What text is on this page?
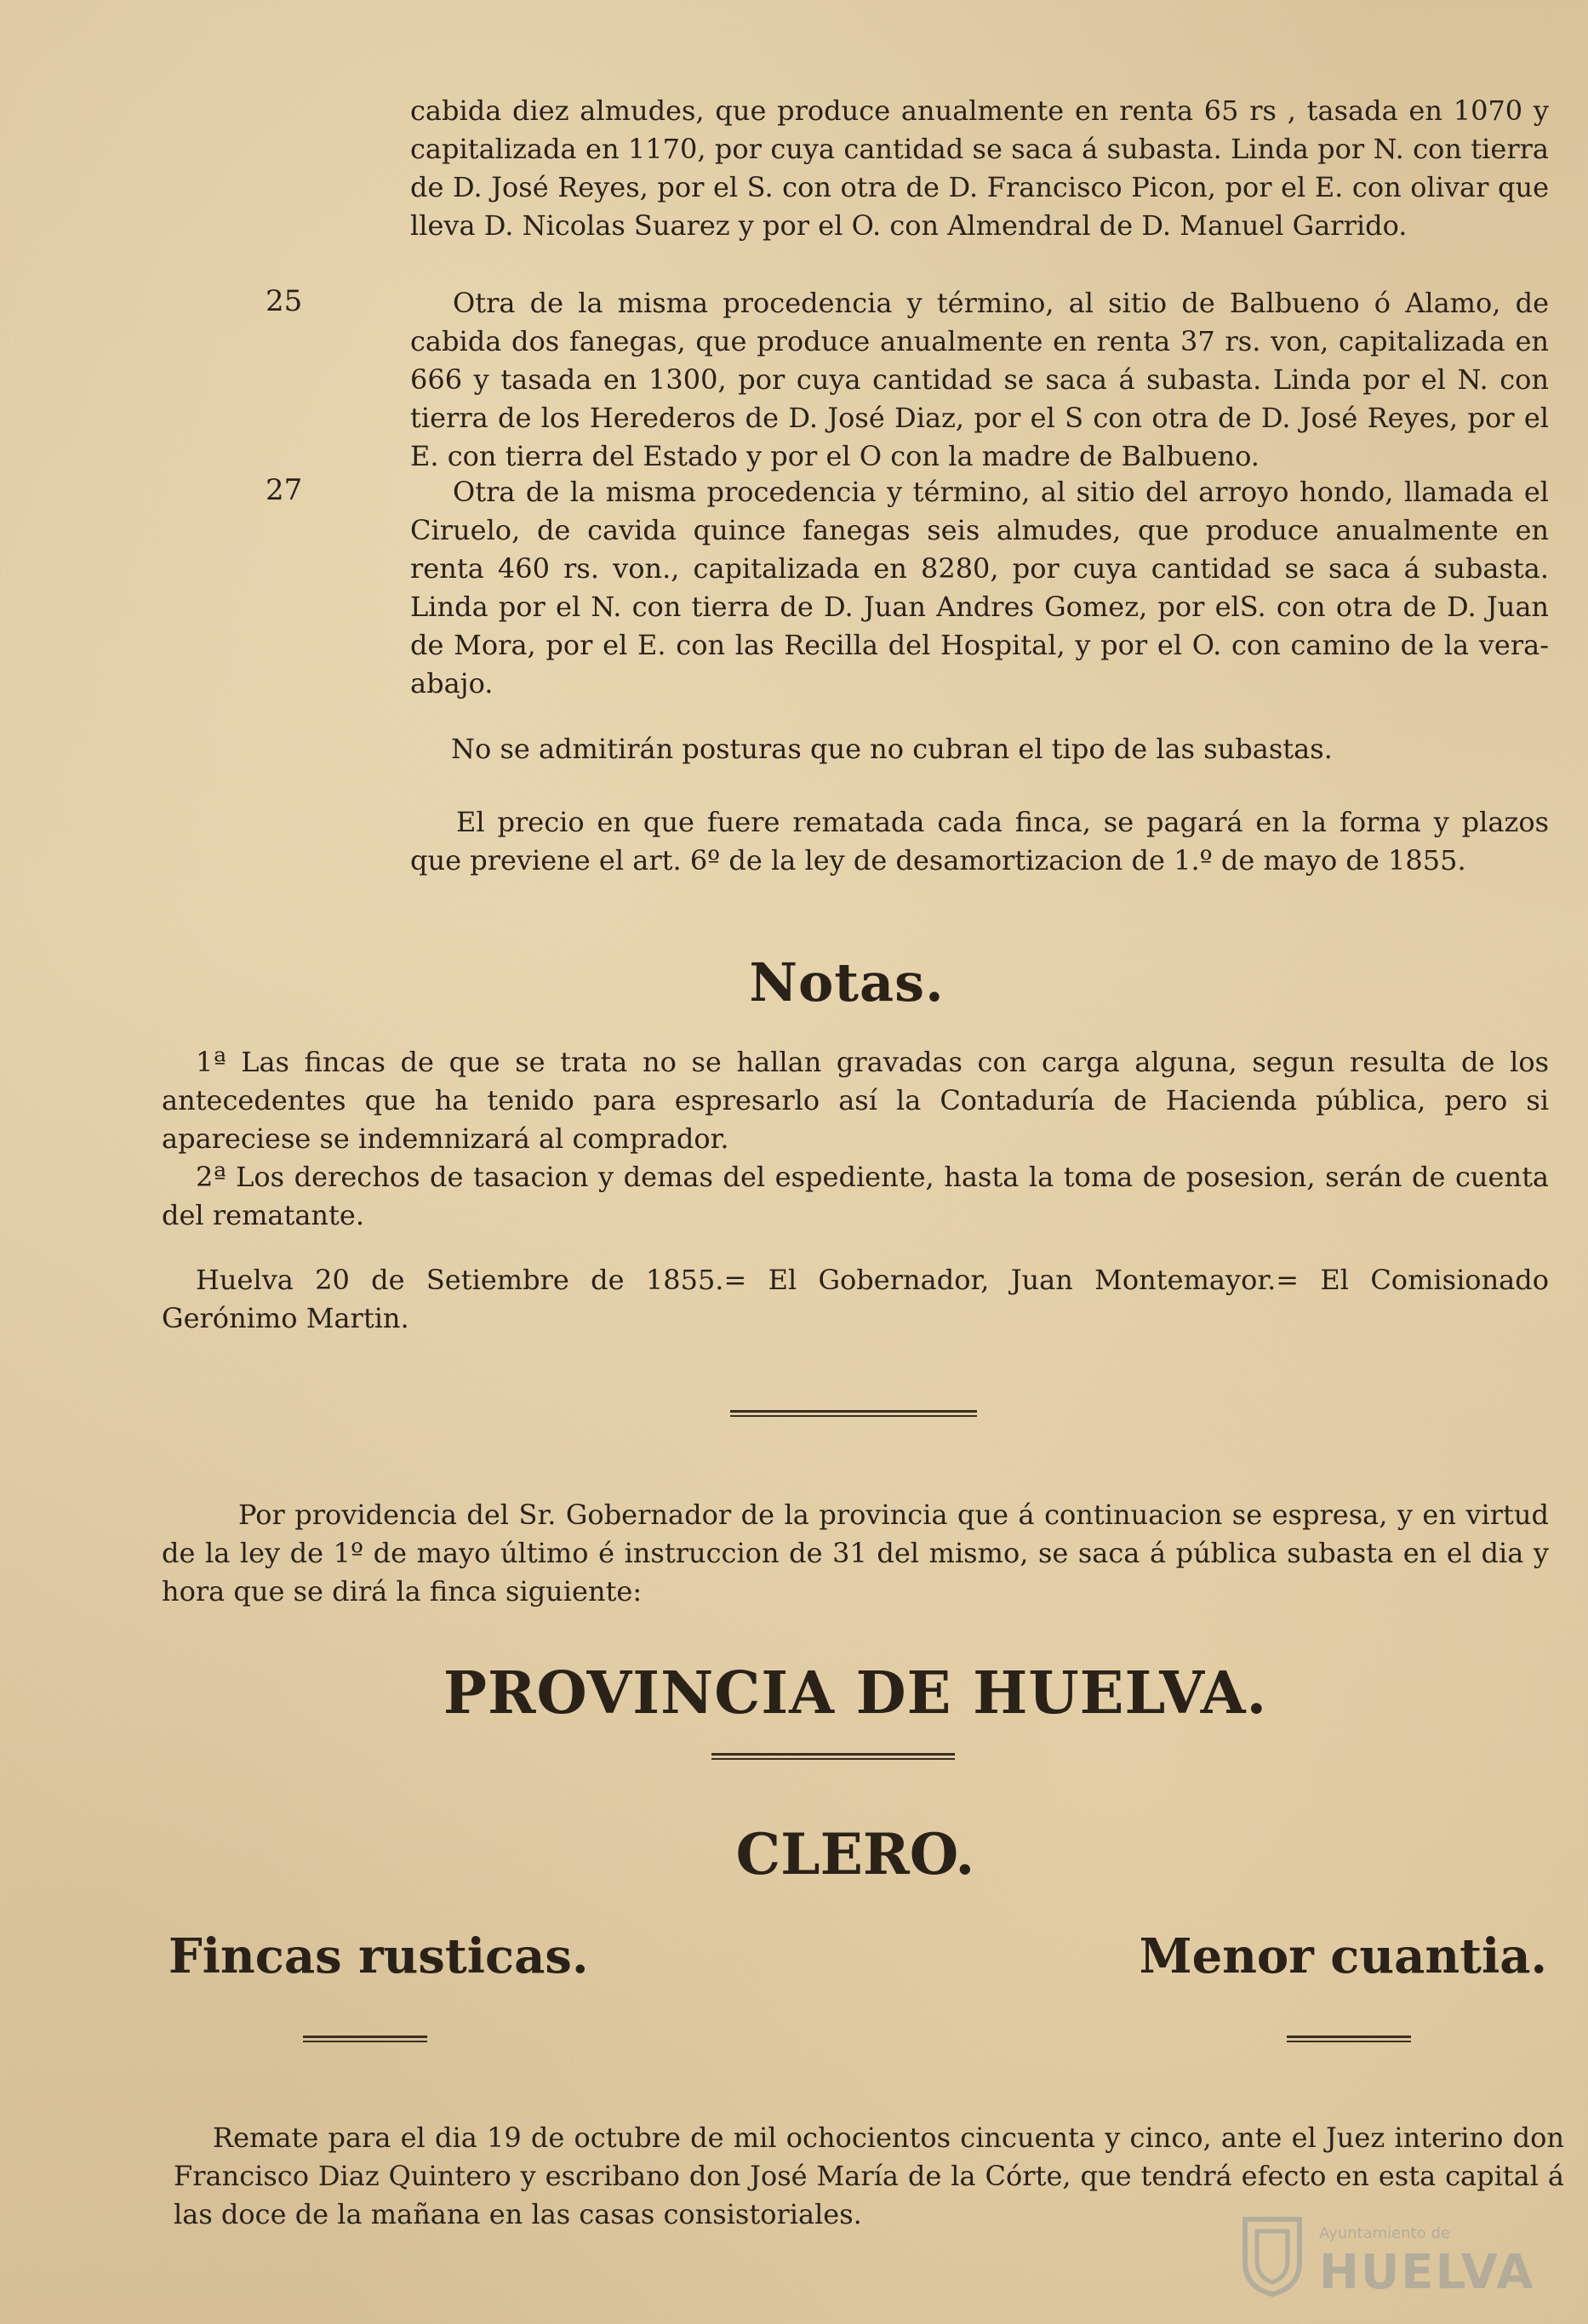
cabida diez almudes, que produce anualmente en renta 65 rs , tasada en 1070 y capitalizada en 1170, por cuya cantidad se saca á subasta. Linda por N. con tierra de D. José Reyes, por el S. con otra de D. Francisco Picon, por el E. con olivar que lleva D. Nicolas Suarez y por el O. con Almendral de D. Manuel Garrido.

25	Otra de la misma procedencia y término, al sitio de Balbueno ó Alamo, de cabida dos fanegas, que produce anualmente en renta 37 rs. von, capitalizada en 666 y tasada en 1300, por cuya cantidad se saca á subasta. Linda por el N. con tierra de los Herederos de D. José Diaz, por el S con otra de D. José Reyes, por el E. con tierra del Estado y por el O con la madre de Balbueno.

27	Otra de la misma procedencia y término, al sitio del arroyo hondo, llamada el Ciruelo, de cavida quince fanegas seis almudes, que produce anualmente en renta 460 rs. von., capitalizada en 8280, por cuya cantidad se saca á subasta. Linda por el N. con tierra de D. Juan Andres Gomez, por elS. con otra de D. Juan de Mora, por el E. con las Recilla del Hospital, y por el O. con camino de la vera-abajo.

No se admitirán posturas que no cubran el tipo de las subastas.

El precio en que fuere rematada cada finca, se pagará en la forma y plazos que previene el art. 6º de la ley de desamortizacion de 1.º de mayo de 1855.

Notas.

1ª Las fincas de que se trata no se hallan gravadas con carga alguna, segun resulta de los antecedentes que ha tenido para espresarlo así la Contaduría de Hacienda pública, pero si apareciese se indemnizará al comprador.

2ª Los derechos de tasacion y demas del espediente, hasta la toma de posesion, serán de cuenta del rematante.

Huelva 20 de Setiembre de 1855.= El Gobernador, Juan Montemayor.= El Comisionado Gerónimo Martin.

Por providencia del Sr. Gobernador de la provincia que á continuacion se espresa, y en virtud de la ley de 1º de mayo último é instruccion de 31 del mismo, se saca á pública subasta en el dia y hora que se dirá la finca siguiente:

PROVINCIA DE HUELVA.
CLERO.
Fincas rusticas.	Menor cuantia.

Remate para el dia 19 de octubre de mil ochocientos cincuenta y cinco, ante el Juez interino don Francisco Diaz Quintero y escribano don José María de la Córte, que tendrá efecto en esta capital á las doce de la mañana en las casas consistoriales.

Ayuntamiento de
HUELVA
